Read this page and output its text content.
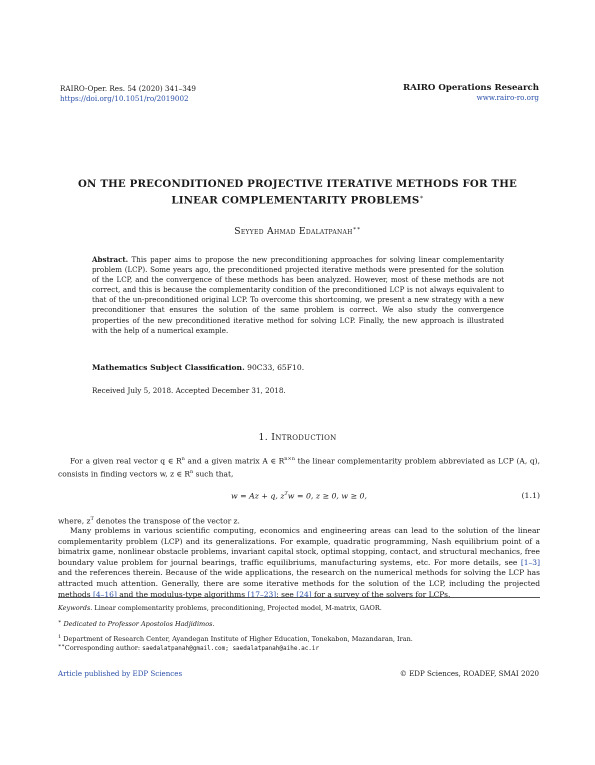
RAIRO-Oper. Res. 54 (2020) 341–349
https://doi.org/10.1051/ro/2019002
RAIRO Operations Research
www.rairo-ro.org
ON THE PRECONDITIONED PROJECTIVE ITERATIVE METHODS FOR THE
LINEAR COMPLEMENTARITY PROBLEMS∗
Seyyed Ahmad Edalatpanah∗∗
Abstract. This paper aims to propose the new preconditioning approaches for solving linear complementarity problem (LCP). Some years ago, the preconditioned projected iterative methods were presented for the solution of the LCP, and the convergence of these methods has been analyzed. However, most of these methods are not correct, and this is because the complementarity condition of the preconditioned LCP is not always equivalent to that of the un-preconditioned original LCP. To overcome this shortcoming, we present a new strategy with a new preconditioner that ensures the solution of the same problem is correct. We also study the convergence properties of the new preconditioned iterative method for solving LCP. Finally, the new approach is illustrated with the help of a numerical example.
Mathematics Subject Classification. 90C33, 65F10.
Received July 5, 2018. Accepted December 31, 2018.
1. Introduction
For a given real vector q ∈ $R^n$ and a given matrix A ∈ $R^{n\times n}$ the linear complementarity problem abbreviated as LCP (A, q), consists in finding vectors w, z ∈ $R^n$ such that,
w = Az + q, $z^Tw = 0$, z ≥ 0, w ≥ 0,	(1.1)
where, $z^T$ denotes the transpose of the vector z.
Many problems in various scientific computing, economics and engineering areas can lead to the solution of the linear complementarity problem (LCP) and its generalizations. For example, quadratic programming, Nash equilibrium point of a bimatrix game, nonlinear obstacle problems, invariant capital stock, optimal stopping, contact, and structural mechanics, free boundary value problem for journal bearings, traffic equilibriums, manufacturing systems, etc. For more details, see [1–3] and the references therein. Because of the wide applications, the research on the numerical methods for solving the LCP has attracted much attention. Generally, there are some iterative methods for the solution of the LCP, including the projected methods [4–16] and the modulus-type algorithms [17–23]; see [24] for a survey of the solvers for LCPs.
Keywords. Linear complementarity problems, preconditioning, Projected model, M-matrix, GAOR.
∗ Dedicated to Professor Apostolos Hadjidimos.
$^1$ Department of Research Center, Ayandegan Institute of Higher Education, Tonekabon, Mazandaran, Iran.
∗∗Corresponding author: saedalatpanah@gmail.com; saedalatpanah@aihe.ac.ir
Article published by EDP Sciences	© EDP Sciences, ROADEF, SMAI 2020
